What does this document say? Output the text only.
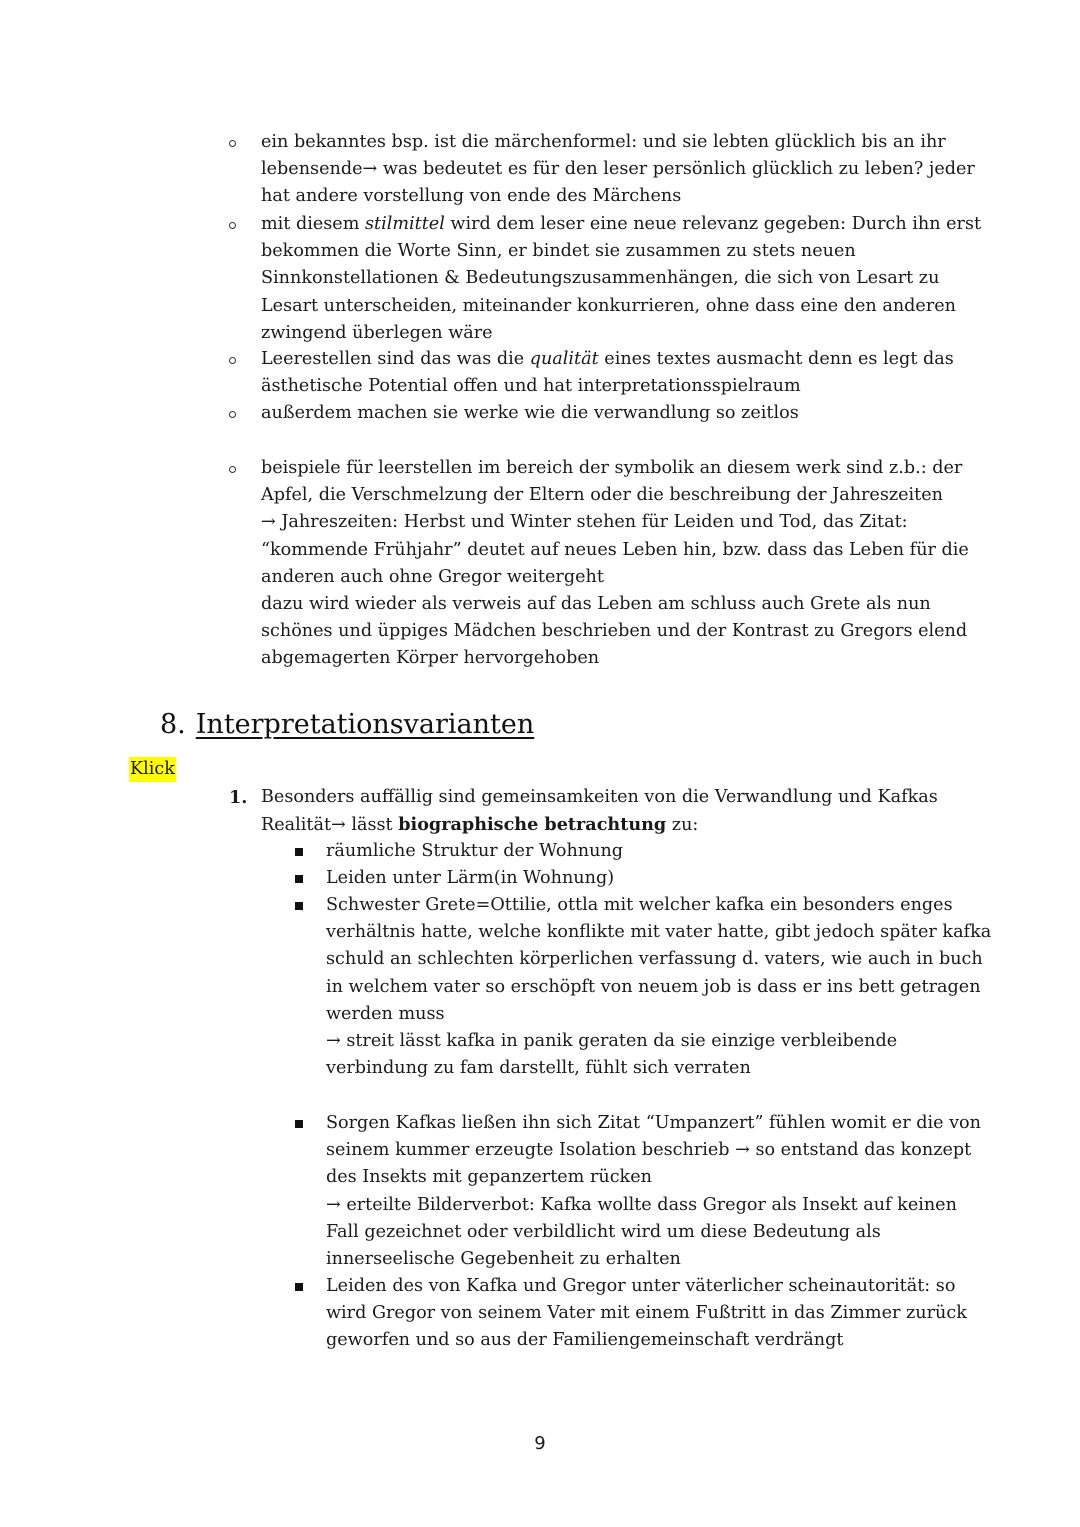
ein bekanntes bsp. ist die märchenformel: und sie lebten glücklich bis an ihr
lebensende→ was bedeutet es für den leser persönlich glücklich zu leben? jeder
hat andere vorstellung von ende des Märchens
mit diesem stilmittel wird dem leser eine neue relevanz gegeben: Durch ihn erst
bekommen die Worte Sinn, er bindet sie zusammen zu stets neuen
Sinnkonstellationen & Bedeutungszusammenhängen, die sich von Lesart zu
Lesart unterscheiden, miteinander konkurrieren, ohne dass eine den anderen
zwingend überlegen wäre
Leerestellen sind das was die qualität eines textes ausmacht denn es legt das
ästhetische Potential offen und hat interpretationsspielraum
außerdem machen sie werke wie die verwandlung so zeitlos
beispiele für leerstellen im bereich der symbolik an diesem werk sind z.b.: der
Apfel, die Verschmelzung der Eltern oder die beschreibung der Jahreszeiten
→ Jahreszeiten: Herbst und Winter stehen für Leiden und Tod, das Zitat:
“kommende Frühjahr” deutet auf neues Leben hin, bzw. dass das Leben für die
anderen auch ohne Gregor weitergeht
dazu wird wieder als verweis auf das Leben am schluss auch Grete als nun
schönes und üppiges Mädchen beschrieben und der Kontrast zu Gregors elend
abgemagerten Körper hervorgehoben
8. Interpretationsvarianten
Klick
1. Besonders auffällig sind gemeinsamkeiten von die Verwandlung und Kafkas
Realität→ lässt biographische betrachtung zu:
räumliche Struktur der Wohnung
Leiden unter Lärm(in Wohnung)
Schwester Grete=Ottilie, ottla mit welcher kafka ein besonders enges
verhältnis hatte, welche konflikte mit vater hatte, gibt jedoch später kafka
schuld an schlechten körperlichen verfassung d. vaters, wie auch in buch
in welchem vater so erschöpft von neuem job is dass er ins bett getragen
werden muss
→ streit lässt kafka in panik geraten da sie einzige verbleibende
verbindung zu fam darstellt, fühlt sich verraten
Sorgen Kafkas ließen ihn sich Zitat “Umpanzert” fühlen womit er die von
seinem kummer erzeugte Isolation beschrieb → so entstand das konzept
des Insekts mit gepanzertem rücken
→ erteilte Bilderverbot: Kafka wollte dass Gregor als Insekt auf keinen
Fall gezeichnet oder verbildlicht wird um diese Bedeutung als
innerseelische Gegebenheit zu erhalten
Leiden des von Kafka und Gregor unter väterlicher scheinautorität: so
wird Gregor von seinem Vater mit einem Fußtritt in das Zimmer zurück
geworfen und so aus der Familiengemeinschaft verdrängt
9
